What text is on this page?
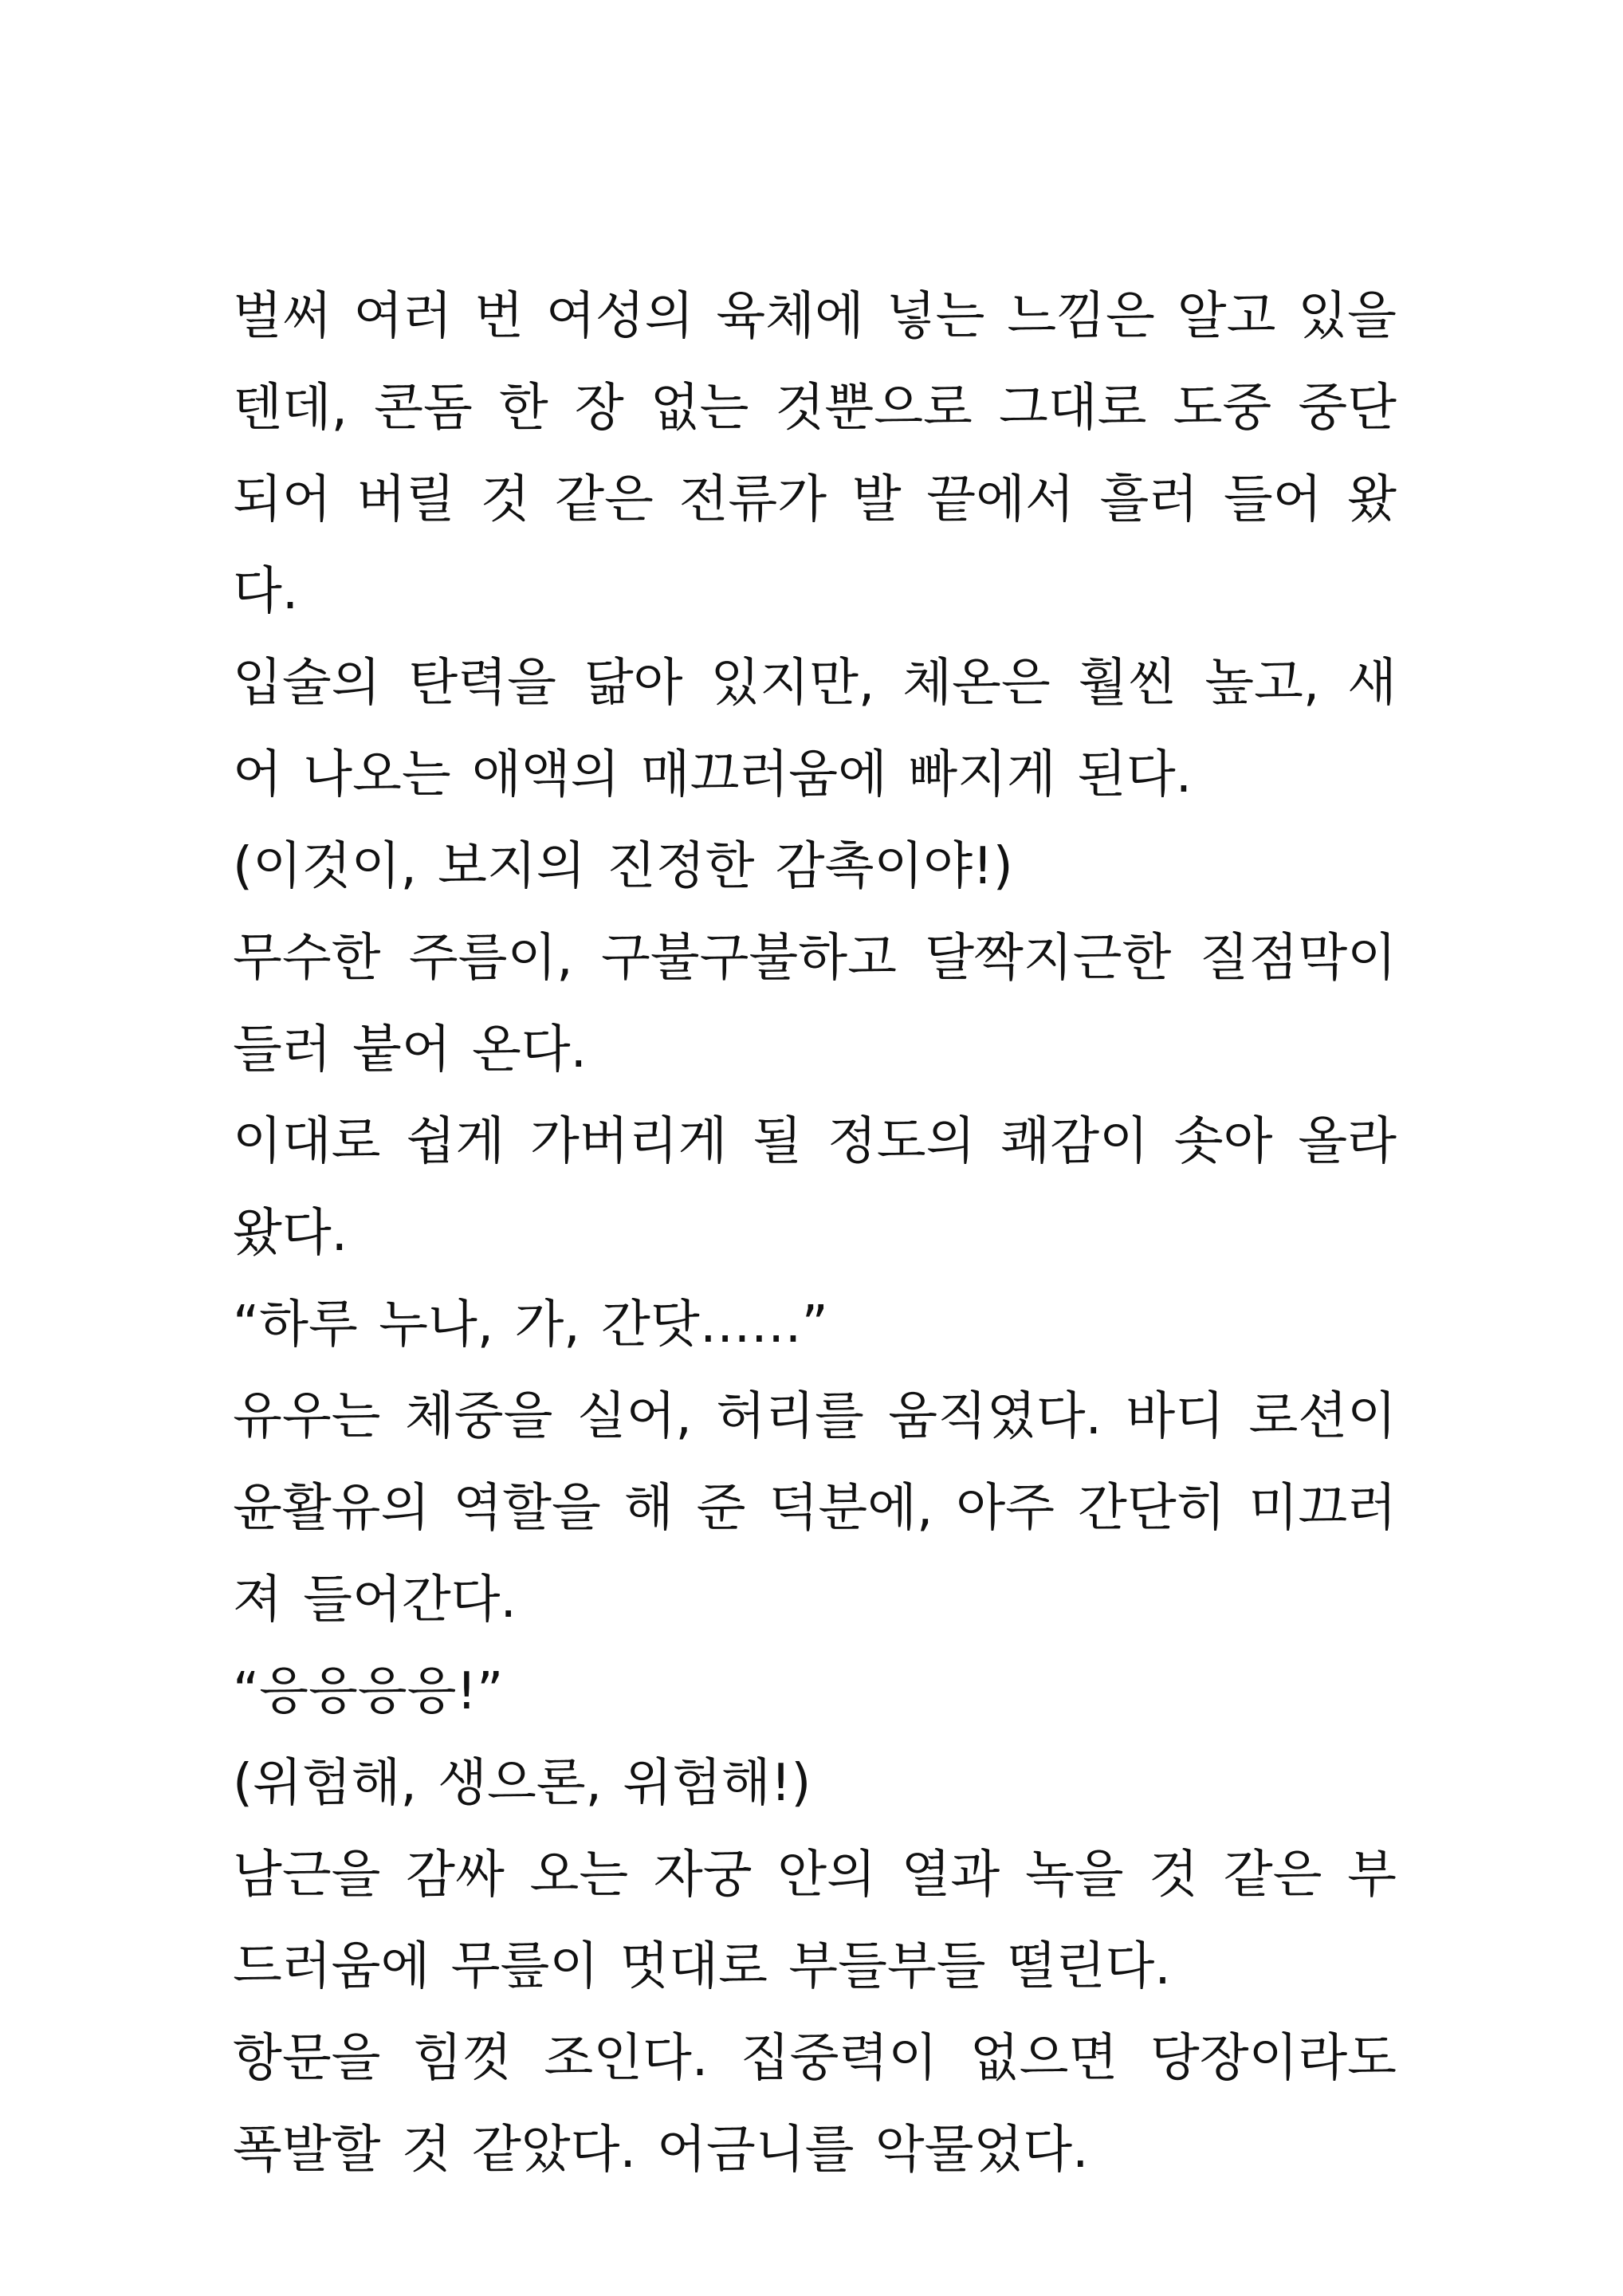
벌써 여러 번 여성의 육체에 넣는 느낌은 알고 있을 텐데, 콘돔 한 장 없는 것뿐으로 그대로 도중 중단 되어 버릴 것 같은 전류가 발 끝에서 흘러 들어 왔다.

입술의 탄력을 닮아 있지만, 체온은 훨씬 높고, 새어 나오는 애액의 매끄러움에 빠지게 된다.

(이것이, 보지의 진정한 감촉이야!)

무수한 주름이, 구불구불하고 달짝지근한 질점막이 들러 붙어 온다.

이대로 쉽게 가버리게 될 정도의 쾌감이 솟아 올라 왔다.

“하루 누나, 가, 간닷……”

유우는 체중을 실어, 허리를 움직였다. 바디 로션이 윤활유의 역할을 해 준 덕분에, 아주 간단히 미끄러져 들어간다.

“응응응응!”

(위험해, 생으론, 위험해!)

남근을 감싸 오는 자궁 안의 열과 녹을 것 같은 부드러움에 무릎이 멋대로 부들부들 떨린다.

항문을 힘껏 조인다. 집중력이 없으면 당장이라도 폭발할 것 같았다. 어금니를 악물었다.
